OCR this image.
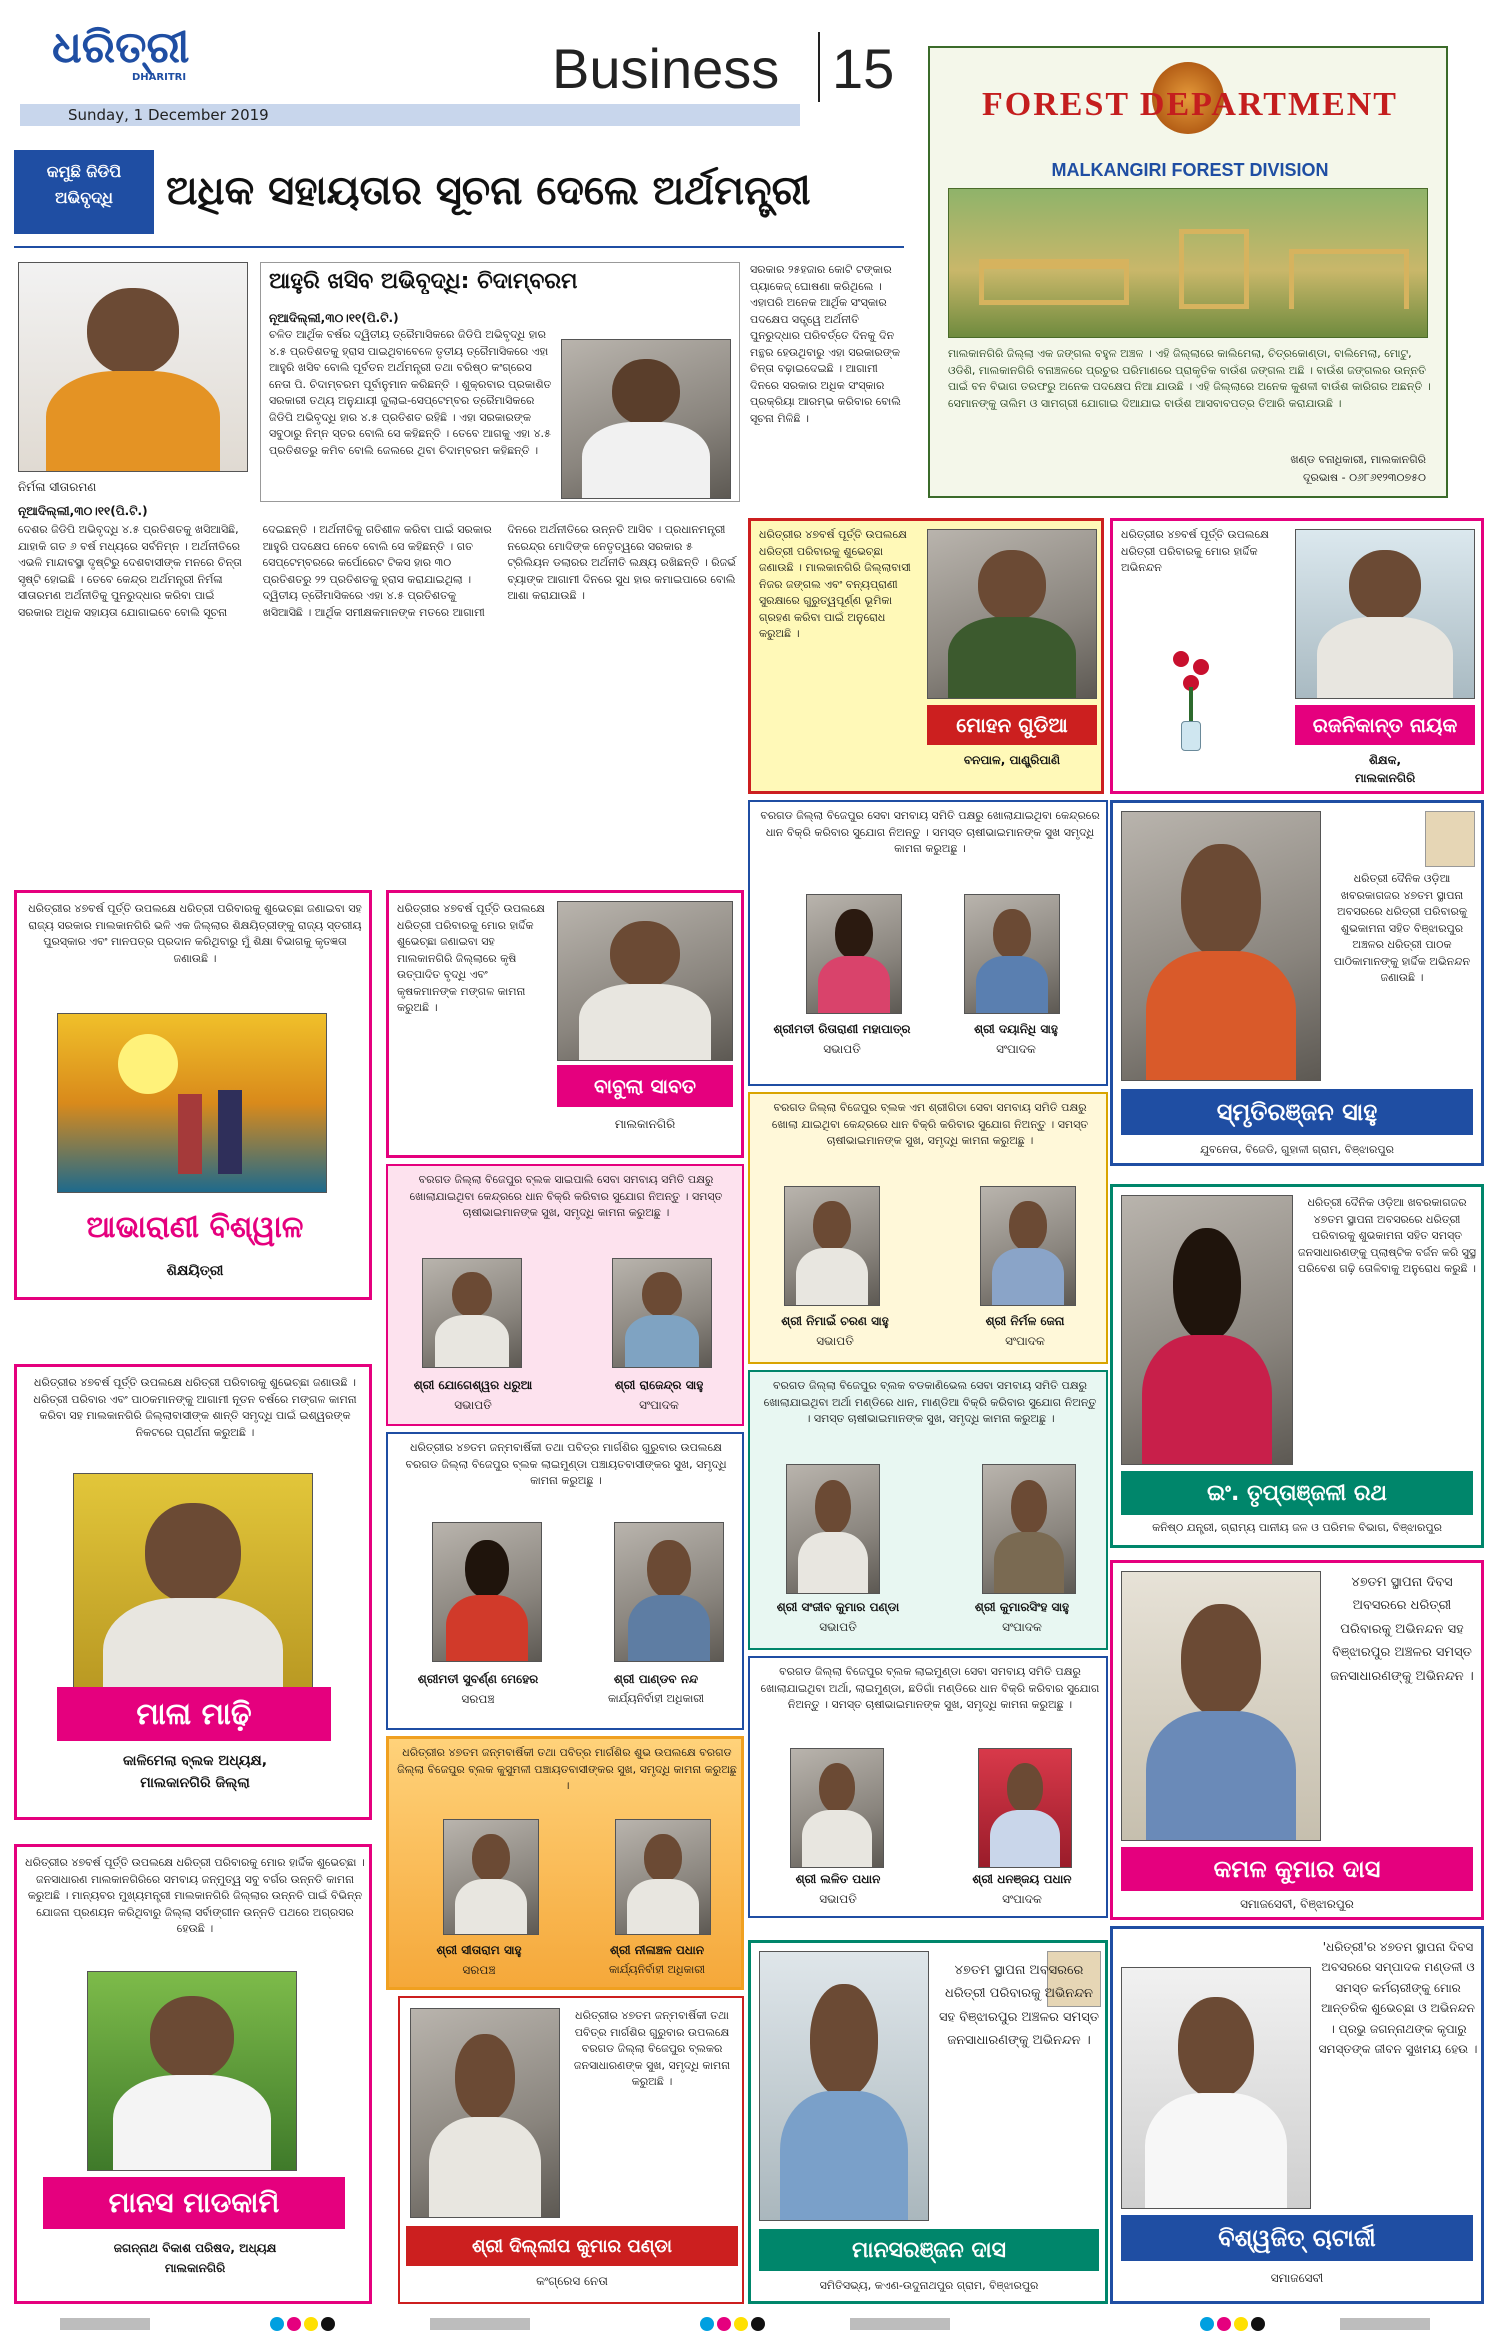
ଧରିତ୍ରୀ
DHARITRI
Sunday, 1 December 2019
Business 15
FOREST DEPARTMENT
MALKANGIRI FOREST DIVISION
ମାଲକାନଗିରି ଜିଲ୍ଲା ଏକ ଜଙ୍ଗଲ ବହୁଳ ଅଞ୍ଚଳ । ଏହି ଜିଲ୍ଲାରେ କାଲିମେଲା, ଚିତ୍ରକୋଣ୍ଡା, ବାଲିମେଲା, ମୋଟୁ, ଓଡିଶି, ମାଲକାନଗିରି ବନାଞ୍ଚଳରେ ପ୍ରଚୁର ପରିମାଣରେ ପ୍ରାକୃତିକ ବାଉଁଶ ଜଙ୍ଗଲ ଅଛି । ବାଉଁଶ ଜଙ୍ଗଲର ଉନ୍ନତି ପାଇଁ ବନ ବିଭାଗ ତରଫରୁ ଅନେକ ପଦକ୍ଷେପ ନିଆ ଯାଉଛି । ଏହି ଜିଲ୍ଲାରେ ଅନେକ କୁଶଳୀ ବାଉଁଶ କାରିଗର ଅଛନ୍ତି । ସେମାନଙ୍କୁ ତାଲିମ ଓ ସାମଗ୍ରୀ ଯୋଗାଇ ଦିଆଯାଇ ବାଉଁଶ ଆସବାବପତ୍ର ତିଆରି କରାଯାଉଛି ।
ଖଣ୍ଡ ବନାଧିକାରୀ, ମାଲକାନଗିରି
ଦୂରଭାଷ - ୦୬୮୬୧୨୩୦୭୫୦
କମୁଛି ଜିଡିପି
ଅଭିବୃଦ୍ଧି	ଅଧିକ ସହାୟତାର ସୂଚନା ଦେଲେ ଅର୍ଥମନ୍ତ୍ରୀ
ନିର୍ମଳା ସୀତାରମଣ
ନୂଆଦିଲ୍ଲୀ,୩୦।୧୧(ପି.ଟି.)
ଆହୁରି ଖସିବ ଅଭିବୃଦ୍ଧି: ଚିଦାମ୍ବରମ
ନୂଆଦିଲ୍ଲୀ,୩୦।୧୧(ପି.ଟି.)
ଚଳିତ ଆର୍ଥିକ ବର୍ଷର ଦ୍ୱିତୀୟ ତ୍ରୈମାସିକରେ ଜିଡିପି ଅଭିବୃଦ୍ଧି ହାର ୪.୫ ପ୍ରତିଶତକୁ ହ୍ରାସ ପାଇଥିବାବେଳେ ତୃତୀୟ ତ୍ରୈମାସିକରେ ଏହା ଆହୁରି ଖସିବ ବୋଲି ପୂର୍ବତନ ଅର୍ଥମନ୍ତ୍ରୀ ତଥା ବରିଷ୍ଠ କଂଗ୍ରେସ ନେତା ପି. ଚିଦାମ୍ବରମ ପୂର୍ବାନୁମାନ କରିଛନ୍ତି । ଶୁକ୍ରବାର ପ୍ରକାଶିତ ସରକାରୀ ତଥ୍ୟ ଅନୁଯାୟୀ ଜୁଲାଇ-ସେପ୍ଟେମ୍ବର ତ୍ରୈମାସିକରେ ଜିଡିପି ଅଭିବୃଦ୍ଧି ହାର ୪.୫ ପ୍ରତିଶତ ରହିଛି । ଏହା ସରକାରଙ୍କ ସବୁଠାରୁ ନିମ୍ନ ସ୍ତର ବୋଲି ସେ କହିଛନ୍ତି । ତେବେ ଆଗକୁ ଏହା ୪.୫ ପ୍ରତିଶତରୁ କମିବ ବୋଲି ଜେଲରେ ଥିବା ଚିଦାମ୍ବରମ କହିଛନ୍ତି ।
ସରକାର ୨୫ହଜାର କୋଟି ଟଙ୍କାର ପ୍ୟାକେଜ୍ ଘୋଷଣା କରିଥିଲେ । ଏହାପରି ଅନେକ ଆର୍ଥିକ ସଂସ୍କାର ପଦକ୍ଷେପ ସତ୍ତ୍ୱେ ଅର୍ଥନୀତି ପୁନରୁଦ୍ଧାର ପରିବର୍ତ୍ତେ ଦିନକୁ ଦିନ ମନ୍ଥର ହେଉଥିବାରୁ ଏହା ସରକାରଙ୍କ ଚିନ୍ତା ବଢ଼ାଇଦେଇଛି । ଆଗାମୀ ଦିନରେ ସରକାର ଅଧିକ ସଂସ୍କାର ପ୍ରକ୍ରିୟା ଆରମ୍ଭ କରିବାର ବୋଲି ସୂଚନା ମିଳିଛି ।
ଦେଶର ଜିଡିପି ଅଭିବୃଦ୍ଧି ୪.୫ ପ୍ରତିଶତକୁ ଖସିଆସିଛି, ଯାହାକି ଗତ ୬ ବର୍ଷ ମଧ୍ୟରେ ସର୍ବନିମ୍ନ । ଅର୍ଥନୀତିରେ ଏଭଳି ମାନ୍ଦାବସ୍ଥା ଦୃଷ୍ଟିରୁ ଦେଶବାସୀଙ୍କ ମନରେ ଚିନ୍ତା ସୃଷ୍ଟି ହୋଇଛି । ତେବେ କେନ୍ଦ୍ର ଅର୍ଥମନ୍ତ୍ରୀ ନିର୍ମଳା ସୀତାରମଣ ଅର୍ଥନୀତିକୁ ପୁନରୁଦ୍ଧାର କରିବା ପାଇଁ ସରକାର ଅଧିକ ସହାୟତା ଯୋଗାଇବେ ବୋଲି ସୂଚନା ଦେଇଛନ୍ତି । ଅର୍ଥନୀତିକୁ ଗତିଶୀଳ କରିବା ପାଇଁ ସରକାର ଆହୁରି ପଦକ୍ଷେପ ନେବେ ବୋଲି ସେ କହିଛନ୍ତି । ଗତ ସେପ୍ଟେମ୍ବରରେ କର୍ପୋରେଟ ଟିକସ ହାର ୩୦ ପ୍ରତିଶତରୁ ୨୨ ପ୍ରତିଶତକୁ ହ୍ରାସ କରାଯାଇଥିଲା । ଦ୍ୱିତୀୟ ତ୍ରୈମାସିକରେ ଏହା ୪.୫ ପ୍ରତିଶତକୁ ଖସିଆସିଛି । ଆର୍ଥିକ ସମୀକ୍ଷକମାନଙ୍କ ମତରେ ଆଗାମୀ ଦିନରେ ଅର୍ଥନୀତିରେ ଉନ୍ନତି ଆସିବ । ପ୍ରଧାନମନ୍ତ୍ରୀ ନରେନ୍ଦ୍ର ମୋଦିଙ୍କ ନେତୃତ୍ୱରେ ସରକାର ୫ ଟ୍ରିଲିୟନ ଡଲାରର ଅର୍ଥନୀତି ଲକ୍ଷ୍ୟ ରଖିଛନ୍ତି । ରିଜର୍ଭ ବ୍ୟାଙ୍କ ଆଗାମୀ ଦିନରେ ସୁଧ ହାର କମାଇପାରେ ବୋଲି ଆଶା କରାଯାଉଛି ।
ଧରିତ୍ରୀର ୪୭ବର୍ଷ ପୂର୍ତ୍ତି ଉପଲକ୍ଷେ ଧରିତ୍ରୀ ପରିବାରକୁ ଶୁଭେଚ୍ଛା ଜଣାଉଛି । ମାଲକାନଗିରି ଜିଲ୍ଲାବାସୀ ନିଜର ଜଙ୍ଗଲ ଏବଂ ବନ୍ୟପ୍ରାଣୀ ସୁରକ୍ଷାରେ ଗୁରୁତ୍ୱପୂର୍ଣ୍ଣ ଭୂମିକା ଗ୍ରହଣ କରିବା ପାଇଁ ଅନୁରୋଧ କରୁଅଛି ।
ମୋହନ ଗୁଡିଆ
ବନପାଳ, ପାଣ୍ଡ୍ରିପାଣି
ଧରିତ୍ରୀର ୪୭ବର୍ଷ ପୂର୍ତ୍ତି ଉପଲକ୍ଷେ ଧରିତ୍ରୀ ପରିବାରକୁ ମୋର ହାର୍ଦ୍ଦିକ ଅଭିନନ୍ଦନ
ରଜନିକାନ୍ତ ନାୟକ
ଶିକ୍ଷକ,
ମାଲକାନଗିରି
ବରଗଡ ଜିଲ୍ଲା ବିଜେପୁର ସେବା ସମବାୟ ସମିତି ପକ୍ଷରୁ ଖୋଲାଯାଇଥିବା କେନ୍ଦ୍ରରେ ଧାନ ବିକ୍ରି କରିବାର ସୁଯୋଗ ନିଅନ୍ତୁ । ସମସ୍ତ ଚାଷୀଭାଇମାନଙ୍କ ସୁଖ ସମୃଦ୍ଧି କାମନା କରୁଅଛୁ ।
ଶ୍ରୀମତୀ ରିତାରାଣୀ ମହାପାତ୍ର
ସଭାପତି
ଶ୍ରୀ ଦୟାନିଧି ସାହୁ
ସଂପାଦକ
ଧରିତ୍ରୀ ଦୈନିକ ଓଡ଼ିଆ ଖବରକାଗଜର ୪୭ତମ ସ୍ଥାପନା ଅବସରରେ ଧରିତ୍ରୀ ପରିବାରକୁ ଶୁଭକାମନା ସହିତ ବିଞ୍ଝାରପୁର ଅଞ୍ଚଳର ଧରିତ୍ରୀ ପାଠକ ପାଠିକାମାନଙ୍କୁ ହାର୍ଦ୍ଦିକ ଅଭିନନ୍ଦନ ଜଣାଉଛି ।
ସ୍ମୃତିରଞ୍ଜନ ସାହୁ
ଯୁବନେତା, ବିଜେଡି, ଗୁହାଳୀ ଗ୍ରାମ, ବିଞ୍ଝାରପୁର
ଧରିତ୍ରୀର ୪୭ବର୍ଷ ପୂର୍ତ୍ତି ଉପଲକ୍ଷେ ଧରିତ୍ରୀ ପରିବାରକୁ ଶୁଭେଚ୍ଛା ଜଣାଇବା ସହ ରାଜ୍ୟ ସରକାର ମାଲକାନଗିରି ଭଳି ଏକ ଜିଲ୍ଲାର ଶିକ୍ଷୟିତ୍ରୀଙ୍କୁ ରାଜ୍ୟ ସ୍ତରୀୟ ପୁରସ୍କାର ଏବଂ ମାନପତ୍ର ପ୍ରଦାନ କରିଥିବାରୁ ମୁଁ ଶିକ୍ଷା ବିଭାଗକୁ କୃତଜ୍ଞତା ଜଣାଉଛି ।
ଆଭାରାଣୀ ବିଶ୍ୱାଳ
ଶିକ୍ଷୟିତ୍ରୀ
ଧରିତ୍ରୀର ୪୭ବର୍ଷ ପୂର୍ତ୍ତି ଉପଲକ୍ଷେ ଧରିତ୍ରୀ ପରିବାରକୁ ମୋର ହାର୍ଦ୍ଦିକ ଶୁଭେଚ୍ଛା ଜଣାଇବା ସହ ମାଲକାନଗିରି ଜିଲ୍ଲାରେ କୃଷି ଉତ୍ପାଦିତ ବୃଦ୍ଧି ଏବଂ କୃଷକମାନଙ୍କ ମଙ୍ଗଳ କାମନା କରୁଅଛି ।
ବାବୁଲା ସାବତ
ମାଲକାନଗିରି
ବରଗଡ ଜିଲ୍ଲା ବିଜେପୁର ବ୍ଲକ ଏମ ଶ୍ରୀଗିଡା ସେବା ସମବାୟ ସମିତି ପକ୍ଷରୁ ଖୋଲା ଯାଇଥିବା କେନ୍ଦ୍ରରେ ଧାନ ବିକ୍ରି କରିବାର ସୁଯୋଗ ନିଅନ୍ତୁ । ସମସ୍ତ ଚାଷୀଭାଇମାନଙ୍କ ସୁଖ, ସମୃଦ୍ଧି କାମନା କରୁଅଛୁ ।
ଶ୍ରୀ ନିମାଇଁ ଚରଣ ସାହୁ
ସଭାପତି
ଶ୍ରୀ ନିର୍ମଳ ଜେନା
ସଂପାଦକ
ବରଗଡ ଜିଲ୍ଲା ବିଜେପୁର ବ୍ଲକ ସାଇପାଲି ସେବା ସମବାୟ ସମିତି ପକ୍ଷରୁ ଖୋଲାଯାଇଥିବା କେନ୍ଦ୍ରରେ ଧାନ ବିକ୍ରି କରିବାର ସୁଯୋଗ ନିଅନ୍ତୁ । ସମସ୍ତ ଚାଷୀଭାଇମାନଙ୍କ ସୁଖ, ସମୃଦ୍ଧି କାମନା କରୁଅଛୁ ।
ଶ୍ରୀ ଯୋଗେଶ୍ୱର ଧରୁଆ
ସଭାପତି
ଶ୍ରୀ ରାଜେନ୍ଦ୍ର ସାହୁ
ସଂପାଦକ
ଧରିତ୍ରୀ ଦୈନିକ ଓଡ଼ିଆ ଖବରକାଗଜର ୪୭ତମ ସ୍ଥାପନା ଅବସରରେ ଧରିତ୍ରୀ ପରିବାରକୁ ଶୁଭକାମନା ସହିତ ସମସ୍ତ ଜନସାଧାରଣଙ୍କୁ ପ୍ଲାଷ୍ଟିକ ବର୍ଜନ କରି ସୁସ୍ଥ ପରିବେଶ ଗଢ଼ି ତୋଳିବାକୁ ଅନୁରୋଧ କରୁଛି ।
ଇଂ. ତୃପ୍ତାଞ୍ଜଳୀ ରଥ
କନିଷ୍ଠ ଯନ୍ତ୍ରୀ, ଗ୍ରାମ୍ୟ ପାନୀୟ ଜଳ ଓ ପରିମଳ ବିଭାଗ, ବିଞ୍ଝାରପୁର
ଧରିତ୍ରୀର ୪୭ବର୍ଷ ପୂର୍ତ୍ତି ଉପଲକ୍ଷେ ଧରିତ୍ରୀ ପରିବାରକୁ ଶୁଭେଚ୍ଛା ଜଣାଉଛି । ଧରିତ୍ରୀ ପରିବାର ଏବଂ ପାଠକମାନଙ୍କୁ ଆଗାମୀ ନୂତନ ବର୍ଷରେ ମଙ୍ଗଳ କାମନା କରିବା ସହ ମାଲକାନଗିରି ଜିଲ୍ଲାବାସୀଙ୍କ ଶାନ୍ତି ସମୃଦ୍ଧି ପାଇଁ ଇଶ୍ୱରଙ୍କ ନିକଟରେ ପ୍ରାର୍ଥନା କରୁଅଛି ।
ମାଳା ମାଢ଼ି
କାଳିମେଲା ବ୍ଲକ ଅଧ୍ୟକ୍ଷ,
ମାଲକାନଗିରି ଜିଲ୍ଲା
ବରଗଡ ଜିଲ୍ଲା ବିଜେପୁର ବ୍ଲକ ବଡକାଣିଭେଲ ସେବା ସମବାୟ ସମିତି ପକ୍ଷରୁ ଖୋଲାଯାଇଥିବା ଅର୍ଥା ମଣ୍ଡିରେ ଧାନ, ମାଣ୍ଡିଆ ବିକ୍ରି କରିବାର ସୁଯୋଗ ନିଅନ୍ତୁ । ସମସ୍ତ ଚାଷୀଭାଇମାନଙ୍କ ସୁଖ, ସମୃଦ୍ଧି କାମନା କରୁଅଛୁ ।
ଶ୍ରୀ ସଂଜୀବ କୁମାର ପଣ୍ଡା
ସଭାପତି
ଶ୍ରୀ କୁମାରସିଂହ ସାହୁ
ସଂପାଦକ
ଧରିତ୍ରୀର ୪୭ତମ ଜନ୍ମବାର୍ଷିକୀ ତଥା ପବିତ୍ର ମାର୍ଗଶିର ଗୁରୁବାର ଉପଲକ୍ଷେ ବରଗଡ ଜିଲ୍ଲା ବିଜେପୁର ବ୍ଲକ ଲାଇମୁଣ୍ଡା ପଞ୍ଚାୟତବାସୀଙ୍କର ସୁଖ, ସମୃଦ୍ଧି କାମନା କରୁଅଛୁ ।
ଶ୍ରୀମତୀ ସୁବର୍ଣ୍ଣ ମେହେର
ସରପଞ୍ଚ
ଶ୍ରୀ ପାଣ୍ଡବ ନନ୍ଦ
କାର୍ଯ୍ୟନିର୍ବାହୀ ଅଧିକାରୀ
୪୭ତମ ସ୍ଥାପନା ଦିବସ ଅବସରରେ ଧରିତ୍ରୀ ପରିବାରକୁ ଅଭିନନ୍ଦନ ସହ ବିଞ୍ଝାରପୁର ଅଞ୍ଚଳର ସମସ୍ତ ଜନସାଧାରଣଙ୍କୁ ଅଭିନନ୍ଦନ ।
କମଳ କୁମାର ଦାସ
ସମାଜସେବୀ, ବିଞ୍ଝାରପୁର
ବରଗଡ ଜିଲ୍ଲା ବିଜେପୁର ବ୍ଲକ ଲାଇମୁଣ୍ଡା ସେବା ସମବାୟ ସମିତି ପକ୍ଷରୁ ଖୋଲାଯାଇଥିବା ଅର୍ଥା, ଲାଇମୁଣ୍ଡା, ଛଡିଗାଁ ମଣ୍ଡିରେ ଧାନ ବିକ୍ରି କରିବାର ସୁଯୋଗ ନିଅନ୍ତୁ । ସମସ୍ତ ଚାଷୀଭାଇମାନଙ୍କ ସୁଖ, ସମୃଦ୍ଧି କାମନା କରୁଅଛୁ ।
ଶ୍ରୀ ଲଳିତ ପଧାନ
ସଭାପତି
ଶ୍ରୀ ଧନଞ୍ଜୟ ପଧାନ
ସଂପାଦକ
ଧରିତ୍ରୀର ୪୭ତମ ଜନ୍ମବାର୍ଷିକୀ ତଥା ପବିତ୍ର ମାର୍ଗଶିର ଶୁଭ ଉପଲକ୍ଷେ ବରଗଡ ଜିଲ୍ଲା ବିଜେପୁର ବ୍ଲକ କୁସୁମଳୀ ପଞ୍ଚାୟତବାସୀଙ୍କର ସୁଖ, ସମୃଦ୍ଧି କାମନା କରୁଅଛୁ ।
ଶ୍ରୀ ସୀତାରାମ ସାହୁ
ସରପଞ୍ଚ
ଶ୍ରୀ ନୀଳାଞ୍ଚଳ ପଧାନ
କାର୍ଯ୍ୟନିର୍ବାହୀ ଅଧିକାରୀ
ଧରିତ୍ରୀର ୪୭ବର୍ଷ ପୂର୍ତ୍ତି ଉପଲକ୍ଷେ ଧରିତ୍ରୀ ପରିବାରକୁ ମୋର ହାର୍ଦ୍ଦିକ ଶୁଭେଚ୍ଛା । ଜନସାଧାରଣ ମାଲକାନଗିରିରେ ସମବାୟ ଜନ୍ମୁତ୍ୱ ସବୁ ବର୍ଗର ଉନ୍ନତି କାମନା କରୁଅଛି । ମାନ୍ୟବର ମୁଖ୍ୟମନ୍ତ୍ରୀ ମାଲକାନଗିରି ଜିଲ୍ଲାର ଉନ୍ନତି ପାଇଁ ବିଭିନ୍ନ ଯୋଜନା ପ୍ରଣୟନ କରିଥିବାରୁ ଜିଲ୍ଲା ସର୍ବାଙ୍ଗୀନ ଉନ୍ନତି ପଥରେ ଅଗ୍ରସର ହେଉଛି ।
ମାନସ ମାଡକାମି
ଜଗନ୍ନାଥ ବିକାଶ ପରିଷଦ, ଅଧ୍ୟକ୍ଷ
ମାଲକାନଗିରି
ଧରିତ୍ରୀର ୪୭ତମ ଜନ୍ମବାର୍ଷିକୀ ତଥା ପବିତ୍ର ମାର୍ଗଶିର ଗୁରୁବାର ଉପଲକ୍ଷେ ବରଗଡ ଜିଲ୍ଲା ବିଜେପୁର ବ୍ଲକର ଜନସାଧାରଣଙ୍କ ସୁଖ, ସମୃଦ୍ଧି କାମନା କରୁଅଛି ।
ଶ୍ରୀ ଦିଲ୍ଲୀପ କୁମାର ପଣ୍ଡା
କଂଗ୍ରେସ ନେତା
୪୭ତମ ସ୍ଥାପନା ଅବସରରେ ଧରିତ୍ରୀ ପରିବାରକୁ ଅଭିନନ୍ଦନ ସହ ବିଞ୍ଝାରପୁର ଅଞ୍ଚଳର ସମସ୍ତ ଜନସାଧାରଣଙ୍କୁ ଅଭିନନ୍ଦନ ।
ମାନସରଞ୍ଜନ ଦାସ
ସମିତିସଭ୍ୟ, କଏଣ-ଉଦୁନାଥପୁର ଗ୍ରାମ, ବିଞ୍ଝାରପୁର
'ଧରିତ୍ରୀ'ର ୪୭ତମ ସ୍ଥାପନା ଦିବସ ଅବସରରେ ସମ୍ପାଦକ ମଣ୍ଡଳୀ ଓ ସମସ୍ତ କର୍ମଚାରୀଙ୍କୁ ମୋର ଆନ୍ତରିକ ଶୁଭେଚ୍ଛା ଓ ଅଭିନନ୍ଦନ । ପ୍ରଭୁ ଜଗନ୍ନାଥଙ୍କ କୃପାରୁ ସମସ୍ତଙ୍କ ଜୀବନ ସୁଖମୟ ହେଉ ।
ବିଶ୍ୱଜିତ୍ ଚାଟାର୍ଜୀ
ସମାଜସେବୀ
